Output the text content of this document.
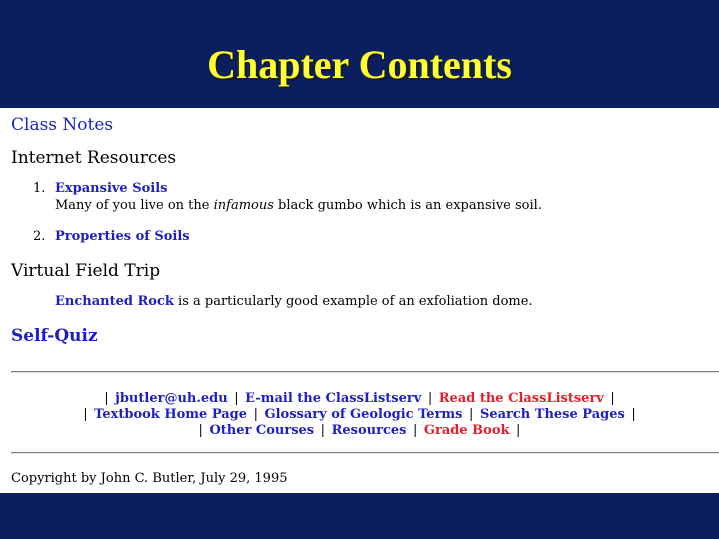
Chapter Contents
Class Notes
Internet Resources
1. Expansive Soils
Many of you live on the infamous black gumbo which is an expansive soil.
2. Properties of Soils
Virtual Field Trip
Enchanted Rock is a particularly good example of an exfoliation dome.
Self-Quiz
| jbutler@uh.edu | E-mail the ClassListserv | Read the ClassListserv |
| Textbook Home Page | Glossary of Geologic Terms | Search These Pages |
| Other Courses | Resources | Grade Book |
Copyright by John C. Butler, July 29, 1995
